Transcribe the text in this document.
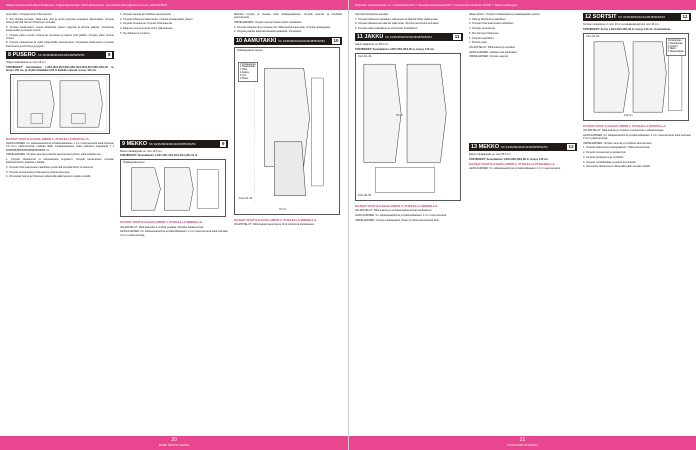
Ohjeet kokoava Pia-Maria Pekkonen. Ohjelmakorostaja: Rali Hakkarainen, pasi.hakkarainen@sanoma.com, 09-120 5874

puoli ulkon. Ompele toinen hiha samoin.

5. Tee kiinnike reunaan. Taita edun ylös ja neulo pystyssä ompeleen ulkopuolelle. Ompele hihat ja kiinnitä hieman hihansuun reunalle.

6. Ompele kaula-aukon reunat ulkokautta yhteen pykyssä ja kiinnitä pääntie. Viimeistele kaula-aukko ja ompele vuoriin.

7. Ompele pitkin reunan molemmat reunukset ja kaarra yhtä pitkiksi. Ompele pitkin reunan yhteen.

8. Ompele olkasaumat ja vedä sisäpuolella saumanvarat. Viimeistele kaula-aukon reunaan kaarrevana ja kiinnitä pysyyttyksi.

8 PUSERO KK 34/36/38/40/42/44/46/48/50/52/54	8

Ohjeen kokoaluetta on noin 18 cm.

TARVIKKEET: Suomalainen 1,95/1,95/1,95/1,95/1,95/1,95/1,95/1,95/1,95/1,95/1,95 m, leveys 150 cm, ja ohuttu tikatakkia 0,50 m kankkin valusta, leveys 140 cm.

KAAVAT OVAT B-KAAVA-ARKIN 1. PUOLELLA MUSTALLA.

LEIKKAAMINEN: Ks. leikkauasettelima ja lisää leikkaaeen 1 cm:n saumanvarat sekä helmaan 2,5 cm:n päärmevaroja. Leikkaa tilalle rintakappaleesta, kaksi päänteen kappaletta 7 x 58/58/58/58/58/58/58/58/58/58/58 cm.

OMPELEMINEN: Ompele saumat ja laitoita saumanvarat yhteen sekä siisteitä osa.

1. Ompele olkasaumat ja rausavarasta ompeleen. Ompele kaula-aukon reunaan kaksinkertainen pääntieen kaitale.

2. Ompele hihat kaarrevasti paikoilleen ja kiinnitä samalla hihan sivusaumat.

3. Ompele sivusaumat ja hihansauma yhtenä saumana.

4. Viimeistele helma ja hihansuut taittamalla päärmevarat nurjalle puolelle.

1. Ompele saumat ja huolittele saumanvarat.

2. Ompele hihansuut käärmeeksi. Ompele etukappaleet yhteen.

3. Ompele sivusaumat. Ompele hihansaumat.

4. Käännä pussi ja ompele kiinni päänteeseen.

5. Tee hihansuut ja helma.

9 MEKKO KK 34/36/38/40/42/44/46/48/50/52/54	9

Mekon takakappale on noin 10,5 cm.

TARVIKKEET: Suomalainen 1,10/1,10/1,10/1,10/1,10/1,10/1,10 m.

Takakappaleeseen
KAAVAT OVAT B-KAAVA-ARKIN 1. PUOLELLA SINISELLÄ.

VALMISTELUT: Silitä kaavoitte 1-4 tästä puolelta. Merkitse leikkausviivat.

LEIKKAAMINEN: Ks. leikkauasettelima ja lisää leikkaaeen 1 cm:n saumanvarat sekä helmaan 2 cm:n päärmevaroja.

Merkitse ompelu ja sivussa sekä rintakappaleessa. Ompele saumat, ja huolittele saumanvarat.

OMPELEMINEN: Ompele saumat oikeat puolet vastakkain.

2. Ompele olkasaumat ja sivusaumat. Silitä saumanvarat auki. Ompele rintakappale.

3. Ompele pääntie kaksinkertaisella kaitaleella. Viimeistele.

10 AAMUTAKKI KK 34/36/38/40/42/44/46/48/50/52/54	10
Takakappaleen leveys
1 Rintakappale
2 Takakappale
3 Hiha
4 Kaulus
5 Vyö
6 Tasku
Koot 34–46
70 cm
KAAVAT OVAT B-KAAVA-ARKIN 2. PUOLELLA SINISELLÄ.

VALMISTELUT: Silitä kaavat paperista ja siirrä merkinnät kankaaseen.

20
SUURI KÄSITYÖ 10/2024
Ohjeiden valmistaminen: K = Kuvitustaito KK = Vinoraan karroitusta KKK = Kokemusta tarvitaan KKKK = Taitoa käsittelyyn

Valmista kiinnitykset samalla.

7. Ompele hihansuun kaitaleen yläreunaan ja käännä hihan pääreunaan.

8. Ompele olkasaumat kulkevat päärmeille. Kiinnitä saumavara kulmasta.

9. Ompele taskut paikoilleen ja viimeistele huolellisesti.

11 JAKKU KK 34/36/38/40/42/44/46/48/50/52/54	11

Jakun takapituus on 58,5 cm.

TARVIKKEET: Suomalainen 1,65/1,65/1,65/1,65 m, leveys 140 cm.

Koot 34–46
75 cm
Koot 48–54
KAAVAT OVAT B-KAAVA-ARKIN 2. PUOLELLA SINISELLÄ.

VALMISTELUT: Silitä kaavat ja merkitse leikkausviivat kankaaseen.

LEIKKAAMINEN: Ks. leikkauasettelima ja lisää leikkaaeen 1 cm:n saumanvarat.

OMPELEMINEN: Ompele etukappaleet yhteen ja silitä saumanvarat auki.

tikkaa yhteen. Ompele rintakappaleet ja takakappaleet yhteen.

2. Taita ja liitä kaulus paikoilleen.

3. Ompele hihat kaarrevasti paikoilleen.

4. Ompele sivusaumat.

5. Tee helma ja hihansuut.

6. Ompele napinlävet.

7. Kiinnitä napit.

VALMISTELUT: Silitä kaavat ja merkitse.

LEIKKAAMINEN: Leikkaa osat kankaasta.

OMPELEMINEN: Ompele saumat.

13 MEKKO KK 34/36/38/40/42/44/46/48/50/52/54	13

Mekon takakappale on noin 85,5 cm.

TARVIKKEET: Suomalainen 1,80/1,80/1,80/1,80 m, leveys 140 cm.

KAAVAT OVAT B-KAAVA-ARKIN 2. PUOLELLA PUNAISELLA.

LEIKKAAMINEN: Ks. leikkauasettelima ja lisää leikkaaeen 1 cm:n saumanvarat.

12 SORTSIT KK 34/36/38/40/42/44/46/48/50/52/54	12

Sortsien sisäpituus on noin 10 cm ja takakeskuspituus noin 36 cm.

TARVIKKEET: Sortsi 1,30/1,30/1,30/1,30 m, leveys 140 cm. Kuminauhaa.

1 Etukappale
2 Takakappale
3 Vyötärö
4 Tasku
5 Taskunkaitale
Koot 34–54
140 cm
KAAVAT OVAT A-KAAVA-ARKIN 1. PUOLELLA MUSTALLA.

VALMISTELUT: Silitä kaavat ja merkitse ompeluviivat. Leikkaa kangas.

LEIKKAAMINEN: Ks. leikkauasettelima ja lisää leikkaaeen 1 cm:n saumanvarat sekä helmaan 2 cm:n päärmevaroja.

OMPELEMINEN: Ompele saumat ja huolittele saumanvarat.

1. Ompele taskupussit etukappaleisiin. Silitä saumanvarat.

2. Ompele sivusaumat ja sisäsaumat.

3. Ompele keskisauma ja huolittele.

4. Ompele vyötärökaitale ja pujota kuminauha.

5. Viimeistele lahkeensuut taittamalla päärmevarat nurjalle.

21
SUURI KÄSITYÖ 10/2024
